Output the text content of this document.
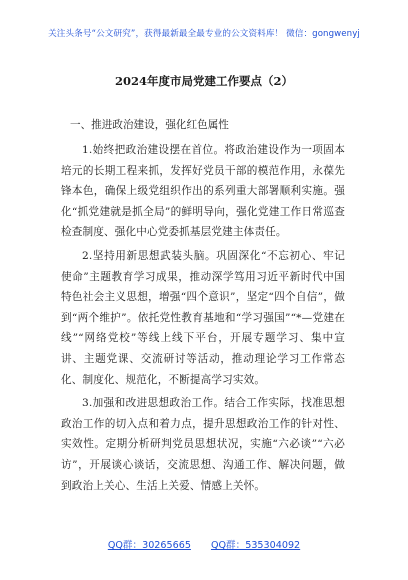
关注头条号“公文研究”，获得最新最全最专业的公文资料库！ 微信：gongwenyj
2024年度市局党建工作要点（2）

一、推进政治建设，强化红色属性

1.始终把政治建设摆在首位。将政治建设作为一项固本培元的长期工程来抓，发挥好党员干部的模范作用，永葆先锋本色，确保上级党组织作出的系列重大部署顺利实施。强化“抓党建就是抓全局”的鲜明导向，强化党建工作日常巡查检查制度、强化中心党委抓基层党建主体责任。

2.坚持用新思想武装头脑。巩固深化“不忘初心、牢记使命”主题教育学习成果，推动深学笃用习近平新时代中国特色社会主义思想，增强“四个意识”，坚定“四个自信”，做到“两个维护”。依托党性教育基地和“学习强国”“*—党建在线”“网络党校”等线上线下平台，开展专题学习、集中宣讲、主题党课、交流研讨等活动，推动理论学习工作常态化、制度化、规范化，不断提高学习实效。

3.加强和改进思想政治工作。结合工作实际，找准思想政治工作的切入点和着力点，提升思想政治工作的针对性、实效性。定期分析研判党员思想状况，实施“六必谈”“六必访”，开展谈心谈话，交流思想、沟通工作、解决问题，做到政治上关心、生活上关爱、情感上关怀。

QQ群：30265665 QQ群：535304092
